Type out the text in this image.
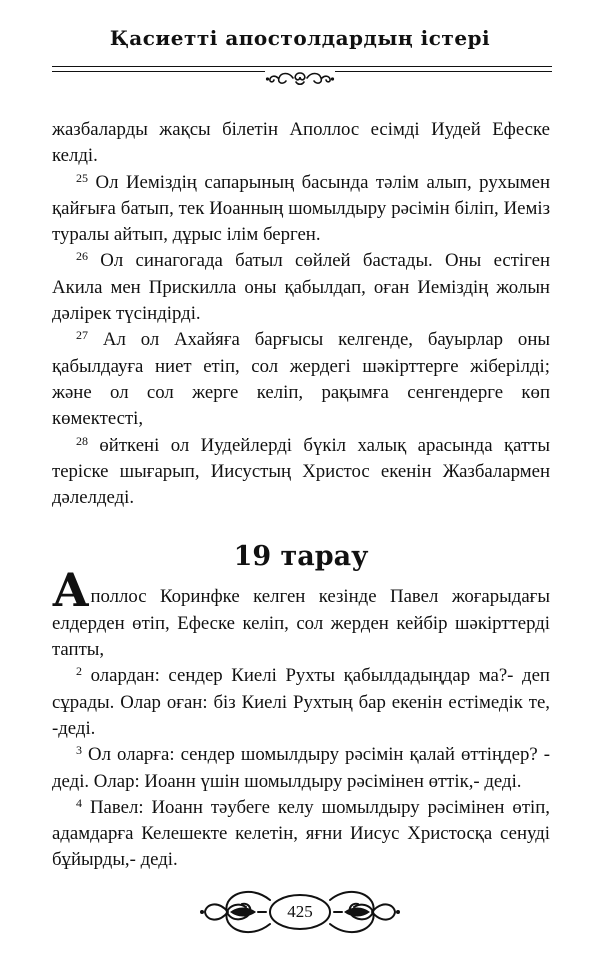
Қасиетті апостолдардың істері

жазбаларды жақсы білетін Аполлос есімді Иудей Ефеске келді.

$^{25}$ Ол Иеміздің сапарының басында тәлім алып, рухымен қайғыға батып, тек Иоанның шомылдыру рәсімін біліп, Иеміз туралы айтып, дұрыс ілім берген.

$^{26}$ Ол синагогада батыл сөйлей бастады. Оны естіген Акила мен Прискилла оны қабылдап, оған Иеміздің жолын дәлірек түсіндірді.

$^{27}$ Ал ол Ахайяға барғысы келгенде, бауырлар оны қабылдауға ниет етіп, сол жердегі шәкірттерге жіберілді; және ол сол жерге келіп, рақымға сенгендерге көп көмектесті,

$^{28}$ өйткені ол Иудейлерді бүкіл халық арасында қатты теріске шығарып, Иисустың Христос екенін Жазбалармен дәлелдеді.

19 тарау

Аполлос Коринфке келген кезінде Павел жоғарыдағы елдерден өтіп, Ефеске келіп, сол жерден кейбір шәкірттерді тапты,

$^2$ олардан: сендер Киелі Рухты қабылдадыңдар ма?- деп сұрады. Олар оған: біз Киелі Рухтың бар екенін естімедік те, -деді.

$^3$ Ол оларға: сендер шомылдыру рәсімін қалай өттіңдер? - деді. Олар: Иоанн үшін шомылдыру рәсімінен өттік,- деді.

$^4$ Павел: Иоанн тәубеге келу шомылдыру рәсімінен өтіп, адамдарға Келешекте келетін, яғни Иисус Христосқа сенуді бұйырды,- деді.

425
